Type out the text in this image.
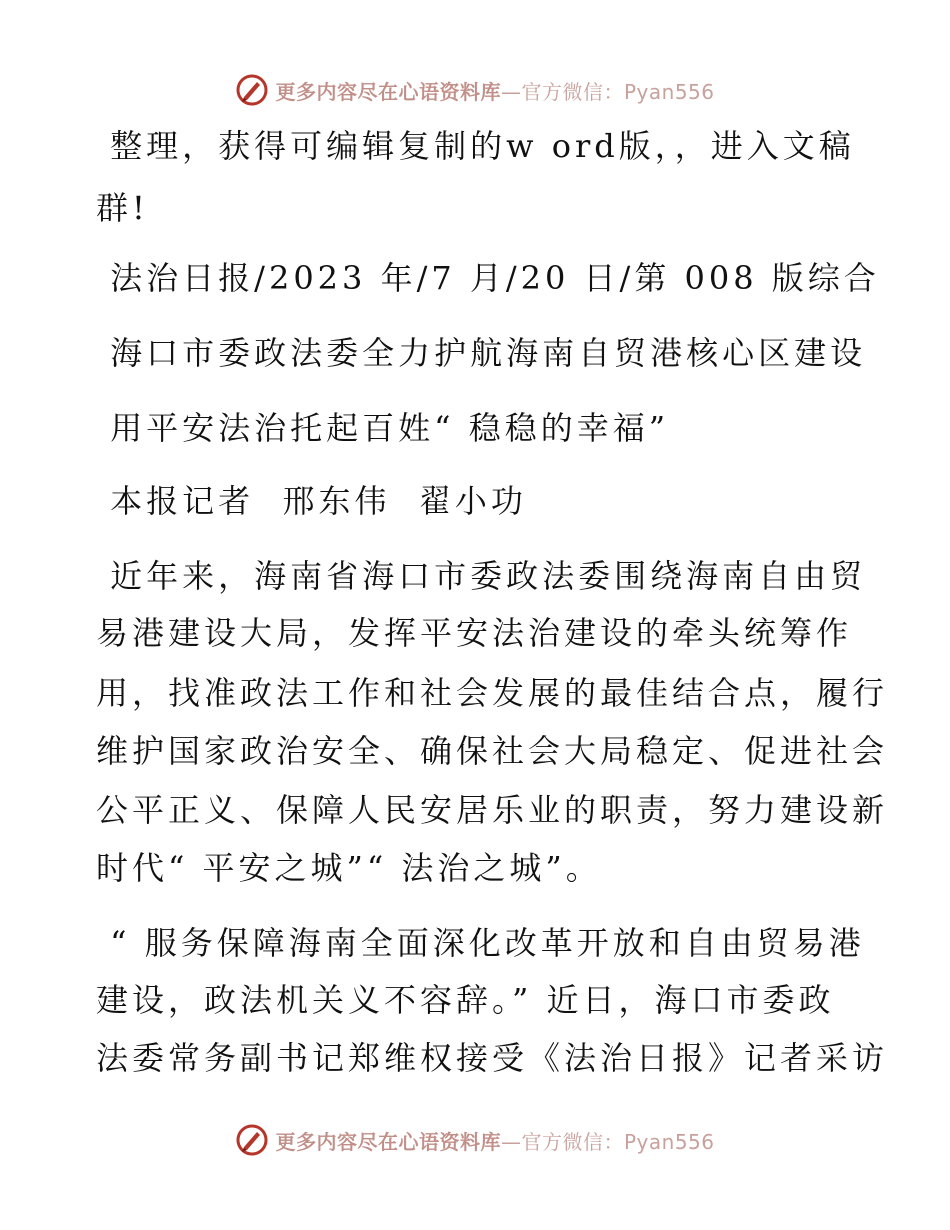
更多内容尽在心语资料库—官方微信：Pyan556
整理，获得可编辑复制的w ord版，，进入文稿
群!
法治日报/2023 年/7 月/20 日/第 008 版综合
海口市委政法委全力护航海南自贸港核心区建设
用平安法治托起百姓“ 稳稳的幸福”
本报记者  邢东伟  翟小功
近年来，海南省海口市委政法委围绕海南自由贸
易港建设大局，发挥平安法治建设的牵头统筹作
用，找准政法工作和社会发展的最佳结合点，履行
维护国家政治安全、确保社会大局稳定、促进社会
公平正义、保障人民安居乐业的职责，努力建设新
时代“ 平安之城”“ 法治之城”。
“ 服务保障海南全面深化改革开放和自由贸易港
建设，政法机关义不容辞。” 近日，海口市委政
法委常务副书记郑维权接受《法治日报》记者采访
更多内容尽在心语资料库—官方微信：Pyan556
